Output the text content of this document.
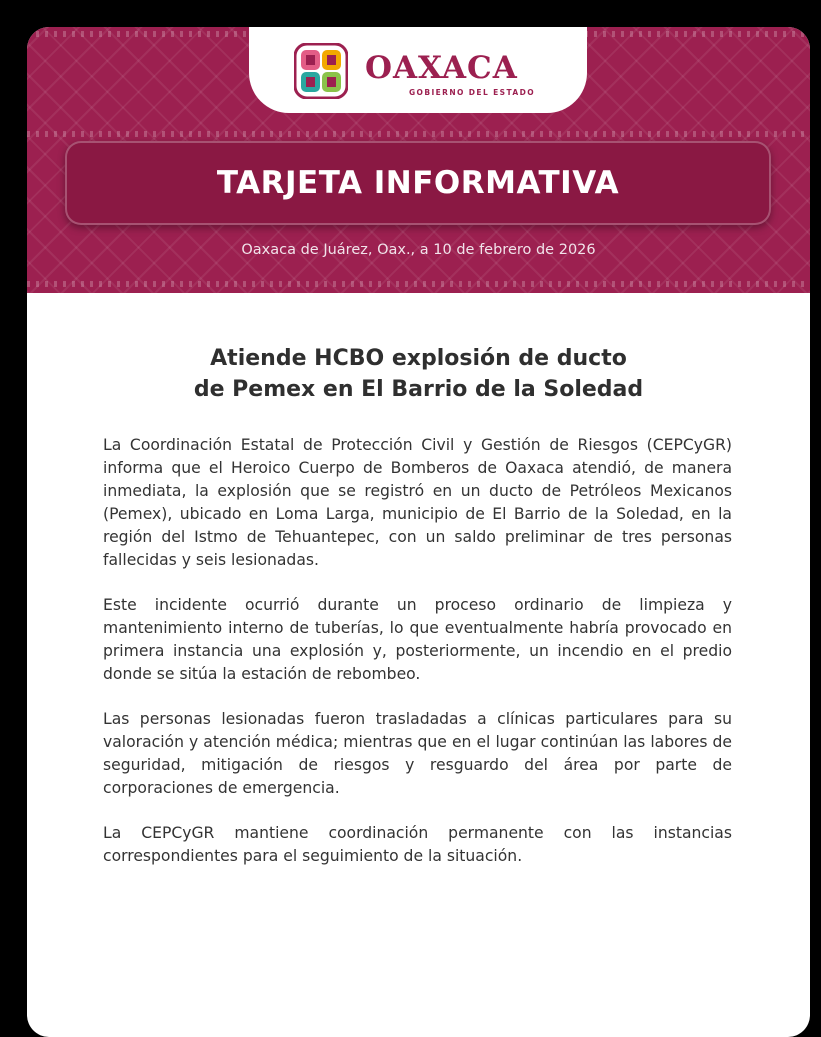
OAXACA
GOBIERNO DEL ESTADO
TARJETA INFORMATIVA
Oaxaca de Juárez, Oax., a 10 de febrero de 2026
Atiende HCBO explosión de ducto
de Pemex en El Barrio de la Soledad

La Coordinación Estatal de Protección Civil y Gestión de Riesgos (CEPCyGR) informa que el Heroico Cuerpo de Bomberos de Oaxaca atendió, de manera inmediata, la explosión que se registró en un ducto de Petróleos Mexicanos (Pemex), ubicado en Loma Larga, municipio de El Barrio de la Soledad, en la región del Istmo de Tehuantepec, con un saldo preliminar de tres personas fallecidas y seis lesionadas.

Este incidente ocurrió durante un proceso ordinario de limpieza y mantenimiento interno de tuberías, lo que eventualmente habría provocado en primera instancia una explosión y, posteriormente, un incendio en el predio donde se sitúa la estación de rebombeo.

Las personas lesionadas fueron trasladadas a clínicas particulares para su valoración y atención médica; mientras que en el lugar continúan las labores de seguridad, mitigación de riesgos y resguardo del área por parte de corporaciones de emergencia.

La CEPCyGR mantiene coordinación permanente con las instancias correspondientes para el seguimiento de la situación.
